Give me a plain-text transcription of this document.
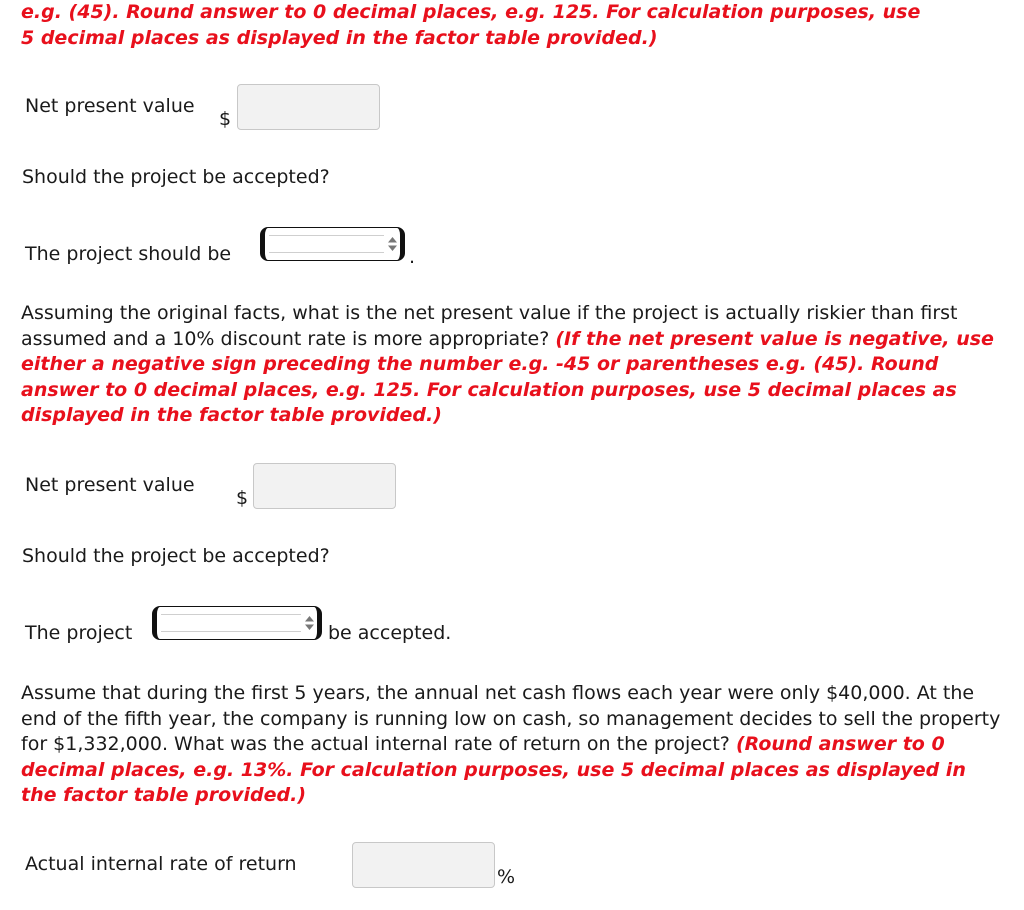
e.g. (45). Round answer to 0 decimal places, e.g. 125. For calculation purposes, use
5 decimal places as displayed in the factor table provided.)
Net present value
$
Should the project be accepted?
The project should be	.

Assuming the original facts, what is the net present value if the project is actually riskier than first assumed and a 10% discount rate is more appropriate? (If the net present value is negative, use either a negative sign preceding the number e.g. -45 or parentheses e.g. (45). Round answer to 0 decimal places, e.g. 125. For calculation purposes, use 5 decimal places as displayed in the factor table provided.)

Net present value
$
Should the project be accepted?
The project	be accepted.

Assume that during the first 5 years, the annual net cash flows each year were only $40,000. At the end of the fifth year, the company is running low on cash, so management decides to sell the property for $1,332,000. What was the actual internal rate of return on the project? (Round answer to 0 decimal places, e.g. 13%. For calculation purposes, use 5 decimal places as displayed in the factor table provided.)

Actual internal rate of return
%
